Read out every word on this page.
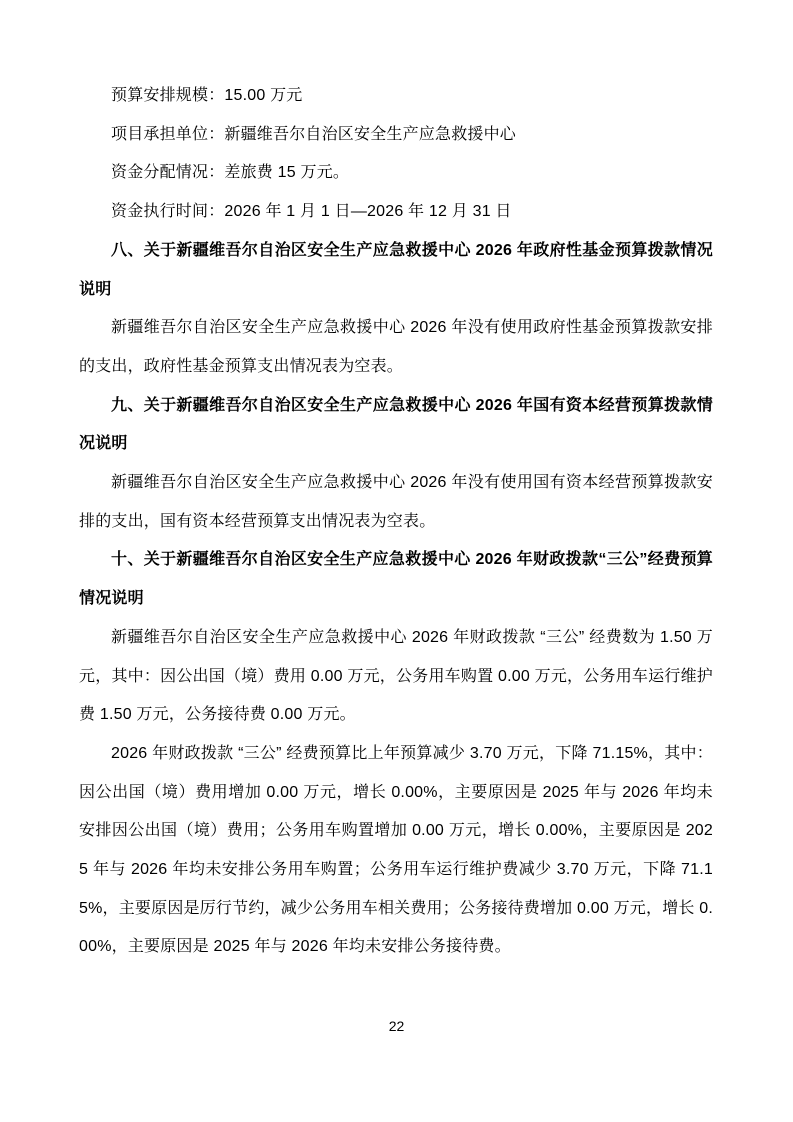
预算安排规模：15.00 万元

项目承担单位：新疆维吾尔自治区安全生产应急救援中心

资金分配情况：差旅费 15 万元。

资金执行时间：2026 年 1 月 1 日—2026 年 12 月 31 日

八、关于新疆维吾尔自治区安全生产应急救援中心 2026 年政府性基金预算拨款情况说明

新疆维吾尔自治区安全生产应急救援中心 2026 年没有使用政府性基金预算拨款安排的支出，政府性基金预算支出情况表为空表。

九、关于新疆维吾尔自治区安全生产应急救援中心 2026 年国有资本经营预算拨款情况说明

新疆维吾尔自治区安全生产应急救援中心 2026 年没有使用国有资本经营预算拨款安排的支出，国有资本经营预算支出情况表为空表。

十、关于新疆维吾尔自治区安全生产应急救援中心 2026 年财政拨款“三公”经费预算情况说明

新疆维吾尔自治区安全生产应急救援中心 2026 年财政拨款 “三公” 经费数为 1.50 万元，其中：因公出国（境）费用 0.00 万元，公务用车购置 0.00 万元，公务用车运行维护费 1.50 万元，公务接待费 0.00 万元。

2026 年财政拨款 “三公” 经费预算比上年预算减少 3.70 万元，下降 71.15%，其中：因公出国（境）费用增加 0.00 万元，增长 0.00%，主要原因是 2025 年与 2026 年均未安排因公出国（境）费用；公务用车购置增加 0.00 万元，增长 0.00%，主要原因是 2025 年与 2026 年均未安排公务用车购置；公务用车运行维护费减少 3.70 万元，下降 71.15%，主要原因是厉行节约，减少公务用车相关费用；公务接待费增加 0.00 万元，增长 0.00%，主要原因是 2025 年与 2026 年均未安排公务接待费。

22
